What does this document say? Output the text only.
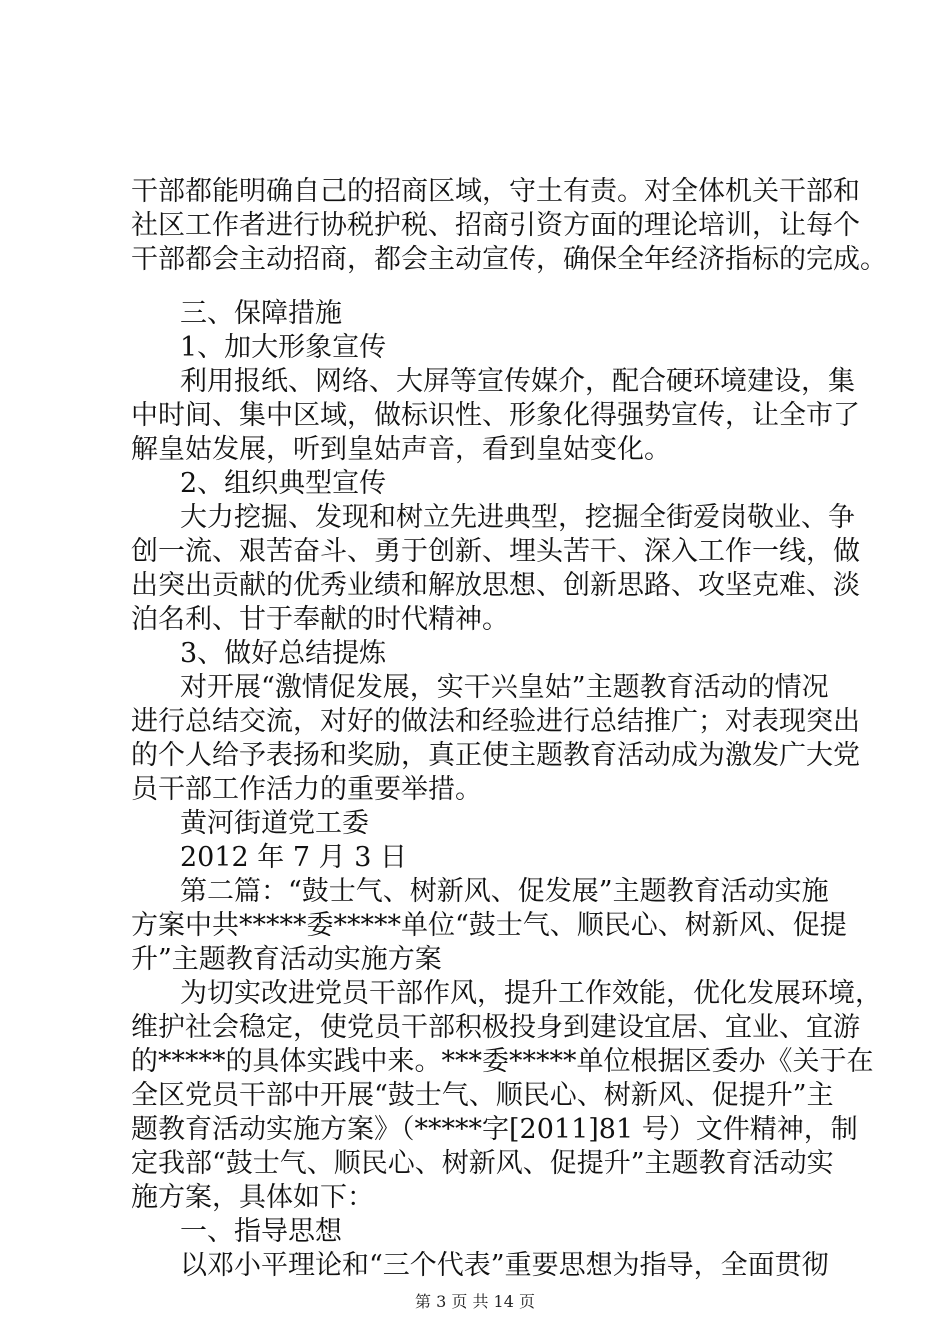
干部都能明确自己的招商区域，守土有责。对全体机关干部和
社区工作者进行协税护税、招商引资方面的理论培训，让每个
干部都会主动招商，都会主动宣传，确保全年经济指标的完成。
三、保障措施
1、加大形象宣传
利用报纸、网络、大屏等宣传媒介，配合硬环境建设，集
中时间、集中区域，做标识性、形象化得强势宣传，让全市了
解皇姑发展，听到皇姑声音，看到皇姑变化。
2、组织典型宣传
大力挖掘、发现和树立先进典型，挖掘全街爱岗敬业、争
创一流、艰苦奋斗、勇于创新、埋头苦干、深入工作一线，做
出突出贡献的优秀业绩和解放思想、创新思路、攻坚克难、淡
泊名利、甘于奉献的时代精神。
3、做好总结提炼
对开展“激情促发展，实干兴皇姑”主题教育活动的情况
进行总结交流，对好的做法和经验进行总结推广；对表现突出
的个人给予表扬和奖励，真正使主题教育活动成为激发广大党
员干部工作活力的重要举措。
黄河街道党工委
2012 年 7 月 3 日
第二篇：“鼓士气、树新风、促发展”主题教育活动实施
方案中共*****委*****单位“鼓士气、顺民心、树新风、促提
升”主题教育活动实施方案
为切实改进党员干部作风，提升工作效能，优化发展环境，
维护社会稳定，使党员干部积极投身到建设宜居、宜业、宜游
的*****的具体实践中来。***委*****单位根据区委办《关于在
全区党员干部中开展“鼓士气、顺民心、树新风、促提升”主
题教育活动实施方案》（*****字[2011]81 号）文件精神，制
定我部“鼓士气、顺民心、树新风、促提升”主题教育活动实
施方案，具体如下：
一、指导思想
以邓小平理论和“三个代表”重要思想为指导，全面贯彻
第 3 页 共 14 页
